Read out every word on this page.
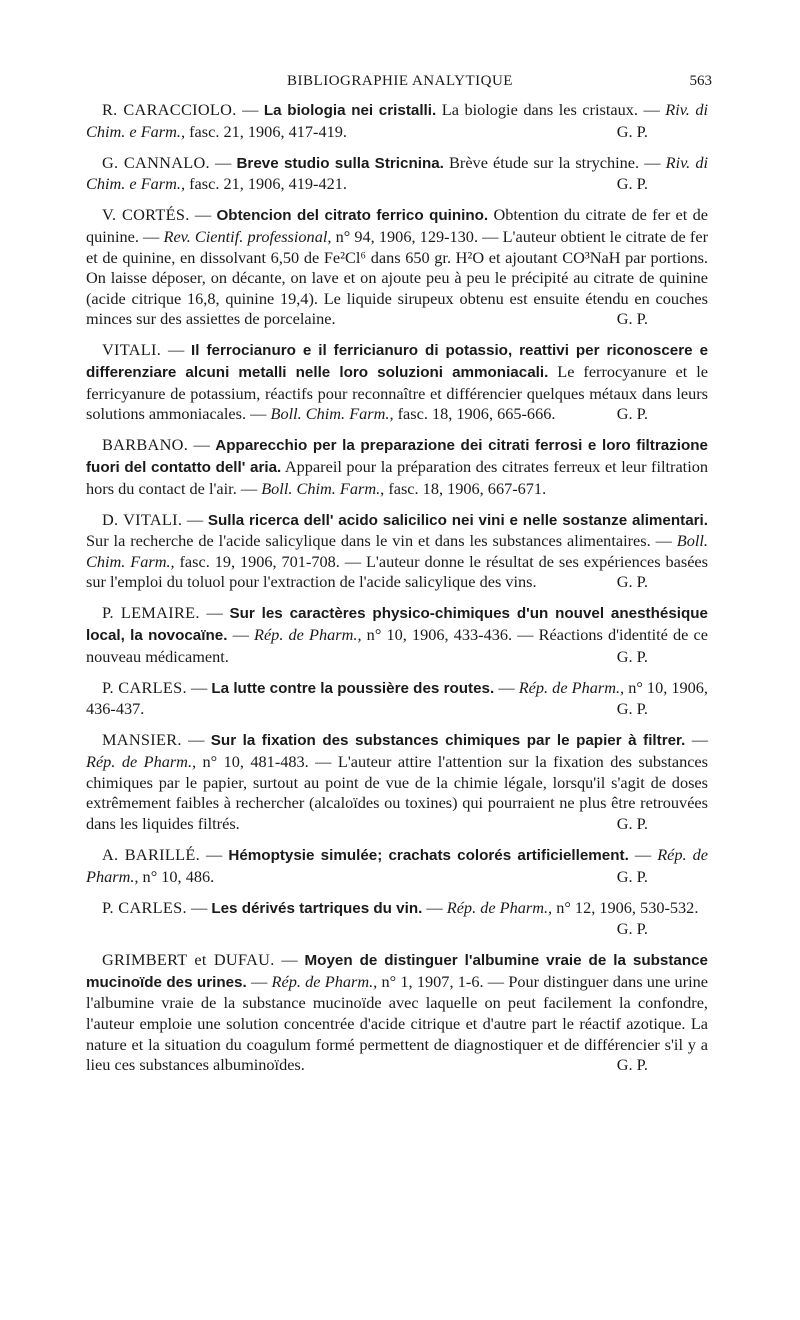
BIBLIOGRAPHIE ANALYTIQUE	563

R. CARACCIOLO. — La biologia nei cristalli. La biologie dans les cristaux. — Riv. di Chim. e Farm., fasc. 21, 1906, 417-419.	G. P.

G. CANNALO. — Breve studio sulla Stricnina. Brève étude sur la strychine. — Riv. di Chim. e Farm., fasc. 21, 1906, 419-421.	G. P.

V. CORTÉS. — Obtencion del citrato ferrico quinino. Obtention du citrate de fer et de quinine. — Rev. Cientif. professional, n° 94, 1906, 129-130. — L'auteur obtient le citrate de fer et de quinine, en dissolvant 6,50 de Fe²Cl⁶ dans 650 gr. H²O et ajoutant CO³NaH par portions. On laisse déposer, on décante, on lave et on ajoute peu à peu le précipité au citrate de quinine (acide citrique 16,8, quinine 19,4). Le liquide sirupeux obtenu est ensuite étendu en couches minces sur des assiettes de porcelaine.	G. P.

VITALI. — Il ferrocianuro e il ferricianuro di potassio, reattivi per riconoscere e differenziare alcuni metalli nelle loro soluzioni ammoniacali. Le ferrocyanure et le ferricyanure de potassium, réactifs pour reconnaître et différencier quelques métaux dans leurs solutions ammoniacales. — Boll. Chim. Farm., fasc. 18, 1906, 665-666.	G. P.

BARBANO. — Apparecchio per la preparazione dei citrati ferrosi e loro filtrazione fuori del contatto dell' aria. Appareil pour la préparation des citrates ferreux et leur filtration hors du contact de l'air. — Boll. Chim. Farm., fasc. 18, 1906, 667-671.

D. VITALI. — Sulla ricerca dell' acido salicilico nei vini e nelle sostanze alimentari. Sur la recherche de l'acide salicylique dans le vin et dans les substances alimentaires. — Boll. Chim. Farm., fasc. 19, 1906, 701-708. — L'auteur donne le résultat de ses expériences basées sur l'emploi du toluol pour l'extraction de l'acide salicylique des vins.	G. P.

P. LEMAIRE. — Sur les caractères physico-chimiques d'un nouvel anesthésique local, la novocaïne. — Rép. de Pharm., n° 10, 1906, 433-436. — Réactions d'identité de ce nouveau médicament.	G. P.

P. CARLES. — La lutte contre la poussière des routes. — Rép. de Pharm., n° 10, 1906, 436-437.	G. P.

MANSIER. — Sur la fixation des substances chimiques par le papier à filtrer. — Rép. de Pharm., n° 10, 481-483. — L'auteur attire l'attention sur la fixation des substances chimiques par le papier, surtout au point de vue de la chimie légale, lorsqu'il s'agit de doses extrêmement faibles à rechercher (alcaloïdes ou toxines) qui pourraient ne plus être retrouvées dans les liquides filtrés.	G. P.

A. BARILLÉ. — Hémoptysie simulée; crachats colorés artificiellement. — Rép. de Pharm., n° 10, 486.	G. P.

P. CARLES. — Les dérivés tartriques du vin. — Rép. de Pharm., n° 12, 1906, 530-532.
G. P.

GRIMBERT et DUFAU. — Moyen de distinguer l'albumine vraie de la substance mucinoïde des urines. — Rép. de Pharm., n° 1, 1907, 1-6. — Pour distinguer dans une urine l'albumine vraie de la substance mucinoïde avec laquelle on peut facilement la confondre, l'auteur emploie une solution concentrée d'acide citrique et d'autre part le réactif azotique. La nature et la situation du coagulum formé permettent de diagnostiquer et de différencier s'il y a lieu ces substances albuminoïdes.	G. P.
